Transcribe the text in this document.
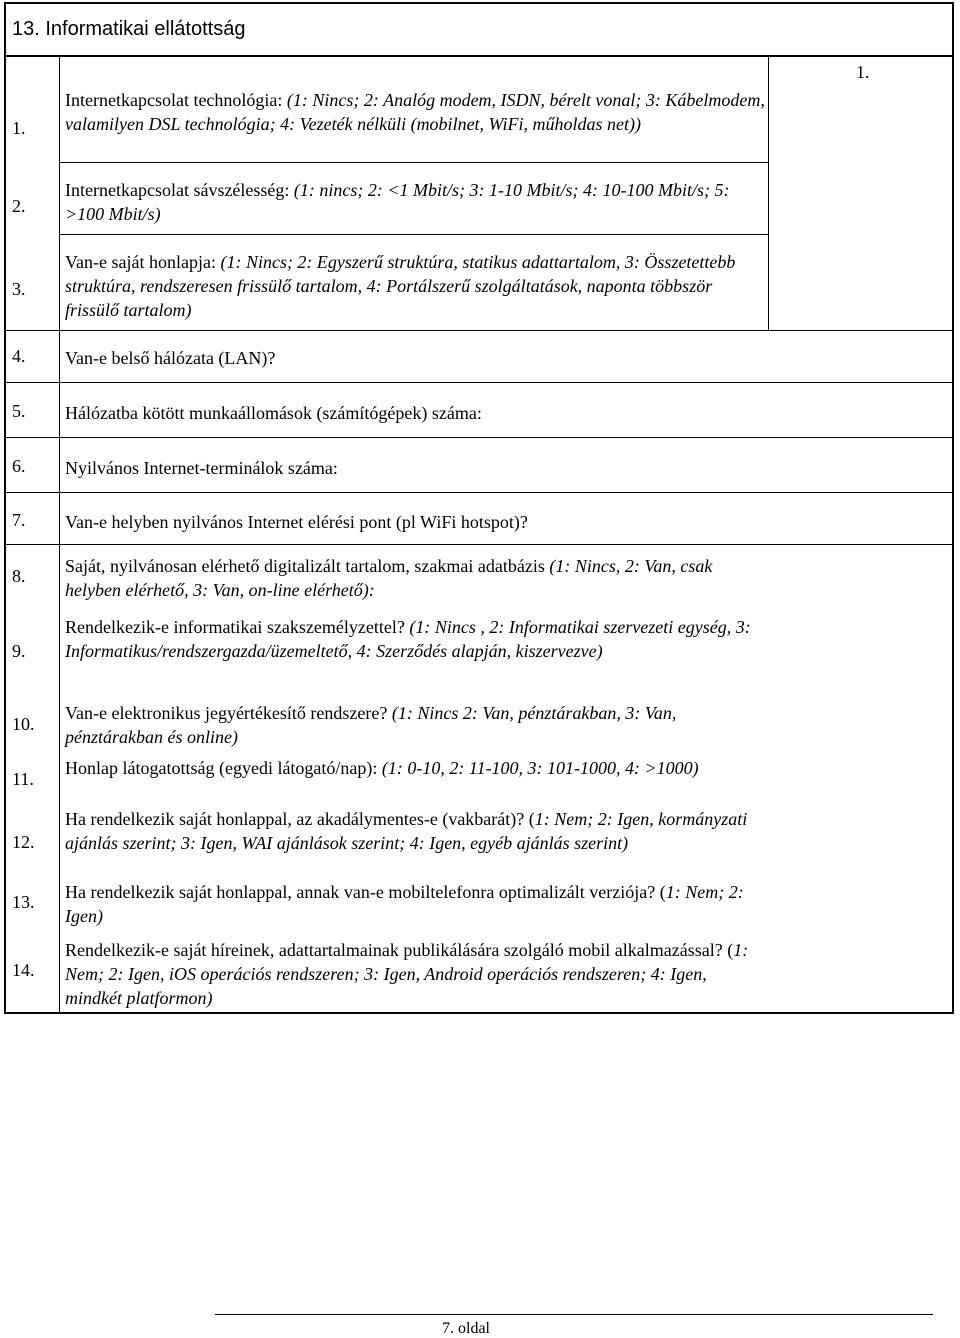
13. Informatikai ellátottság
1.
1.
Internetkapcsolat technológia: (1: Nincs; 2: Analóg modem, ISDN, bérelt vonal; 3: Kábelmodem, valamilyen DSL technológia; 4: Vezeték nélküli (mobilnet, WiFi, műholdas net))
2.
Internetkapcsolat sávszélesség: (1: nincs; 2: <1 Mbit/s; 3: 1-10 Mbit/s; 4: 10-100 Mbit/s; 5: >100 Mbit/s)
3.
Van-e saját honlapja: (1: Nincs; 2: Egyszerű struktúra, statikus adattartalom, 3: Összetettebb struktúra, rendszeresen frissülő tartalom, 4: Portálszerű szolgáltatások, naponta többször frissülő tartalom)
4. Van-e belső hálózata (LAN)?
5. Hálózatba kötött munkaállomások (számítógépek) száma:
6. Nyilvános Internet-terminálok száma:
7. Van-e helyben nyilvános Internet elérési pont (pl WiFi hotspot)?
8. Saját, nyilvánosan elérhető digitalizált tartalom, szakmai adatbázis (1: Nincs, 2: Van, csak helyben elérhető, 3: Van, on-line elérhető):
9.
Rendelkezik-e informatikai szakszemélyzettel? (1: Nincs , 2: Informatikai szervezeti egység, 3: Informatikus/rendszergazda/üzemeltető, 4: Szerződés alapján, kiszervezve)
10.
Van-e elektronikus jegyértékesítő rendszere? (1: Nincs 2: Van, pénztárakban, 3: Van, pénztárakban és online)
11.
Honlap látogatottság (egyedi látogató/nap): (1: 0-10, 2: 11-100, 3: 101-1000, 4: >1000)
12.
Ha rendelkezik saját honlappal, az akadálymentes-e (vakbarát)? (1: Nem; 2: Igen, kormányzati ajánlás szerint; 3: Igen, WAI ajánlások szerint; 4: Igen, egyéb ajánlás szerint)
13. Ha rendelkezik saját honlappal, annak van-e mobiltelefonra optimalizált verziója? (1: Nem; 2: Igen)
14.
Rendelkezik-e saját híreinek, adattartalmainak publikálására szolgáló mobil alkalmazással? (1: Nem; 2: Igen, iOS operációs rendszeren; 3: Igen, Android operációs rendszeren; 4: Igen, mindkét platformon)
7. oldal
